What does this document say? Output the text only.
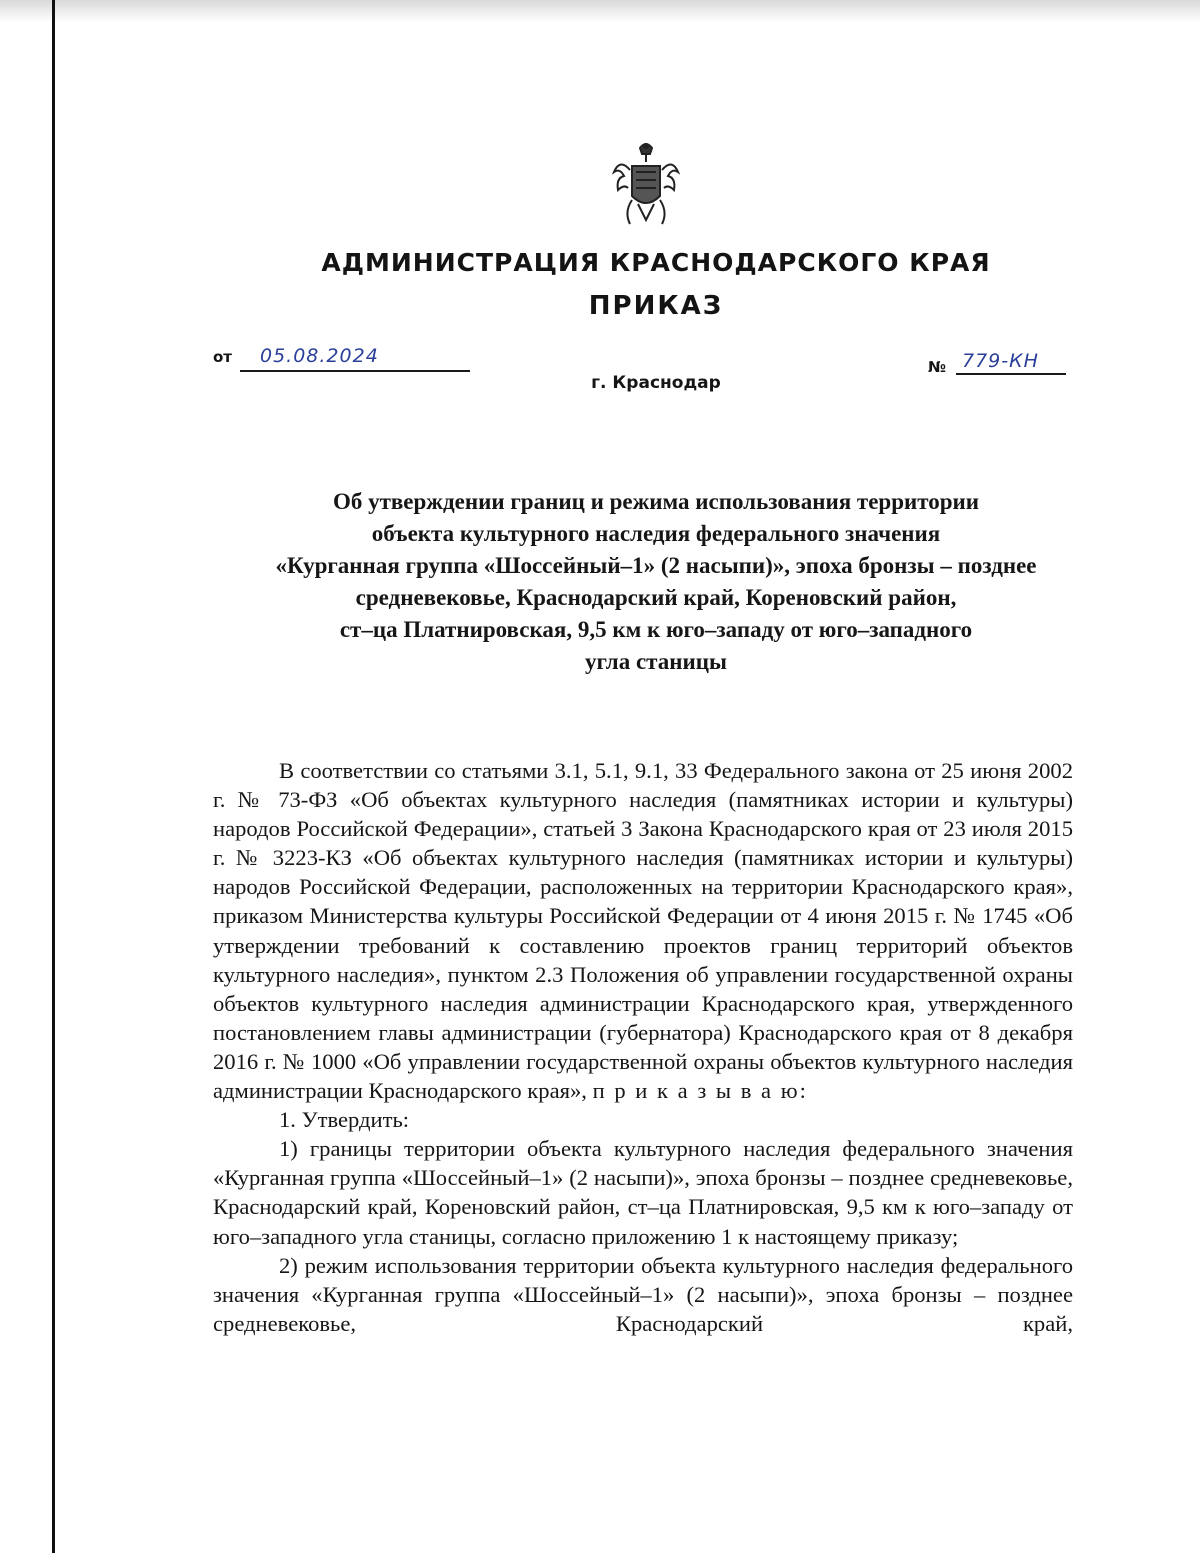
АДМИНИСТРАЦИЯ КРАСНОДАРСКОГО КРАЯ
ПРИКАЗ
от 05.08.2024	№ 779-КН
г. Краснодар
Об утверждении границ и режима использования территории
объекта культурного наследия федерального значения
«Курганная группа «Шоссейный–1» (2 насыпи)», эпоха бронзы – позднее
средневековье, Краснодарский край, Кореновский район,
ст–ца Платнировская, 9,5 км к юго–западу от юго–западного
угла станицы
В соответствии со статьями 3.1, 5.1, 9.1, 33 Федерального закона от 25 июня 2002 г. № 73-ФЗ «Об объектах культурного наследия (памятниках истории и культуры) народов Российской Федерации», статьей 3 Закона Краснодарского края от 23 июля 2015 г. № 3223-КЗ «Об объектах культурного наследия (памятниках истории и культуры) народов Российской Федерации, расположенных на территории Краснодарского края», приказом Министерства культуры Российской Федерации от 4 июня 2015 г. № 1745 «Об утверждении требований к составлению проектов границ территорий объектов культурного наследия», пунктом 2.3 Положения об управлении государственной охраны объектов культурного наследия администрации Краснодарского края, утвержденного постановлением главы администрации (губернатора) Краснодарского края от 8 декабря 2016 г. № 1000 «Об управлении государственной охраны объектов культурного наследия администрации Краснодарского края», п р и к а з ы в а ю:
1. Утвердить:
1) границы территории объекта культурного наследия федерального значения «Курганная группа «Шоссейный–1» (2 насыпи)», эпоха бронзы – позднее средневековье, Краснодарский край, Кореновский район, ст–ца Платнировская, 9,5 км к юго–западу от юго–западного угла станицы, согласно приложению 1 к настоящему приказу;
2) режим использования территории объекта культурного наследия федерального значения «Курганная группа «Шоссейный–1» (2 насыпи)», эпоха бронзы – позднее средневековье, Краснодарский край,
